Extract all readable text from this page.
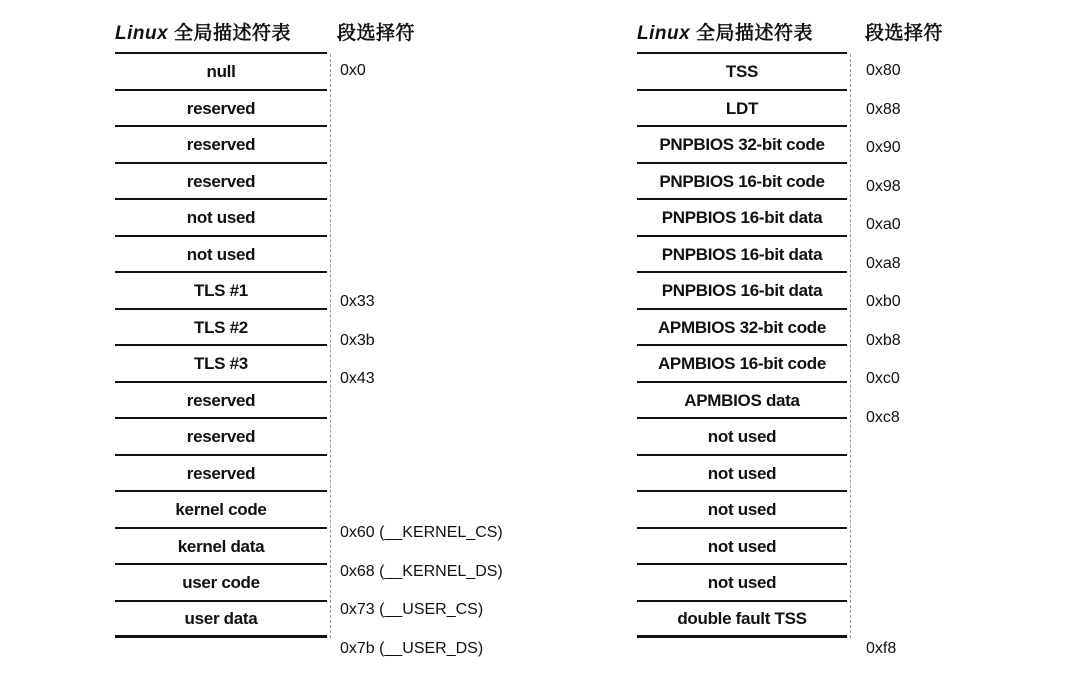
Linux 全局描述符表 段选择符
null
reserved
reserved
reserved
not used
not used
TLS #1
TLS #2
TLS #3
reserved
reserved
reserved
kernel code
kernel data
user code
user data
0x0
0x33
0x3b
0x43
0x60 (__KERNEL_CS)
0x68 (__KERNEL_DS)
0x73 (__USER_CS)
0x7b (__USER_DS)
Linux 全局描述符表	段选择符
TSS
LDT
PNPBIOS 32-bit code
PNPBIOS 16-bit code
PNPBIOS 16-bit data
PNPBIOS 16-bit data
PNPBIOS 16-bit data
APMBIOS 32-bit code
APMBIOS 16-bit code
APMBIOS data
not used
not used
not used
not used
not used
double fault TSS
0x80
0x88
0x90
0x98
0xa0
0xa8
0xb0
0xb8
0xc0
0xc8
0xf8
